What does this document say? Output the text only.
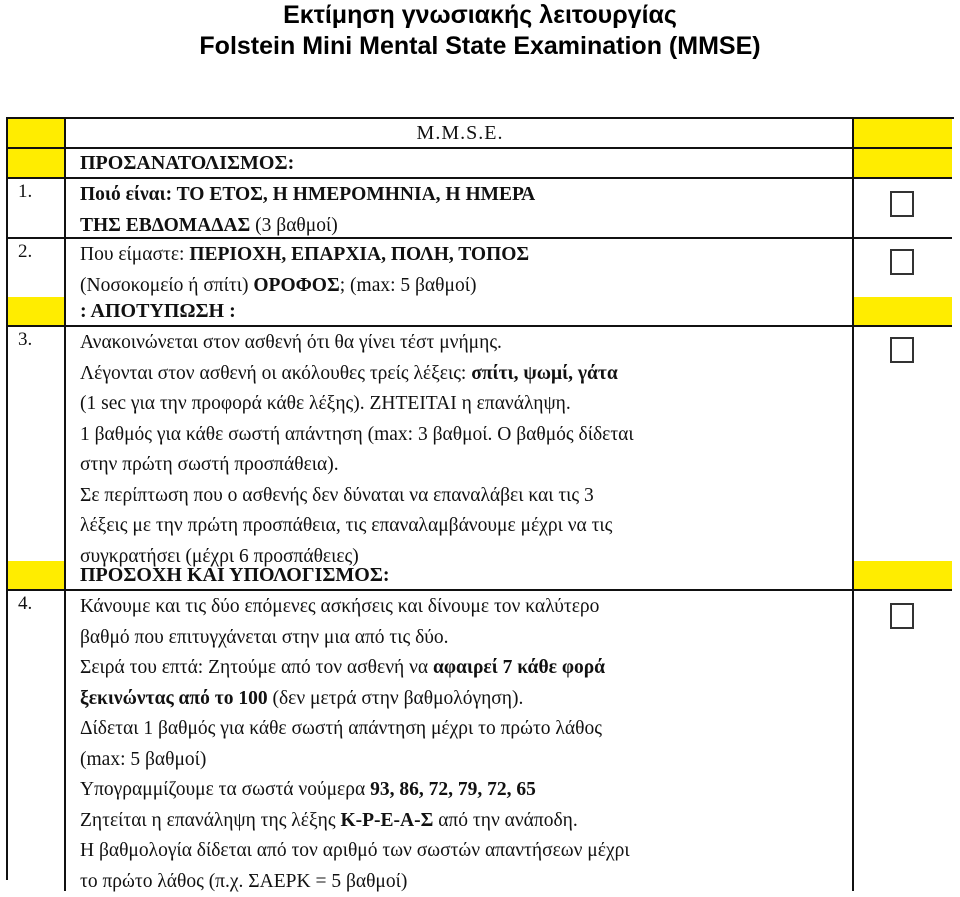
Εκτίμηση γνωσιακής λειτουργίας
Folstein Mini Mental State Examination (MMSE)
M.M.S.E.
ΠΡΟΣΑΝΑΤΟΛΙΣΜΟΣ:
1.	Ποιό είναι: ΤΟ ΕΤΟΣ, Η ΗΜΕΡΟΜΗΝΙΑ, Η ΗΜΕΡΑ
ΤΗΣ ΕΒΔΟΜΑΔΑΣ (3 βαθμοί)
2.	Που είμαστε: ΠΕΡΙΟΧΗ, ΕΠΑΡΧΙΑ, ΠΟΛΗ, ΤΟΠΟΣ
(Νοσοκομείο ή σπίτι) ΟΡΟΦΟΣ; (max: 5 βαθμοί)
: ΑΠΟΤΥΠΩΣΗ :
3.	Ανακοινώνεται στον ασθενή ότι θα γίνει τέστ μνήμης.
Λέγονται στον ασθενή οι ακόλουθες τρείς λέξεις: σπίτι, ψωμί, γάτα
(1 sec για την προφορά κάθε λέξης). ΖΗΤΕΙΤΑΙ η επανάληψη.
1 βαθμός για κάθε σωστή απάντηση (max: 3 βαθμοί. Ο βαθμός δίδεται
στην πρώτη σωστή προσπάθεια).
Σε περίπτωση που ο ασθενής δεν δύναται να επαναλάβει και τις 3
λέξεις με την πρώτη προσπάθεια, τις επαναλαμβάνουμε μέχρι να τις
συγκρατήσει (μέχρι 6 προσπάθειες)
ΠΡΟΣΟΧΗ ΚΑΙ ΥΠΟΛΟΓΙΣΜΟΣ:
4.	Κάνουμε και τις δύο επόμενες ασκήσεις και δίνουμε τον καλύτερο
βαθμό που επιτυγχάνεται στην μια από τις δύο.
Σειρά του επτά: Ζητούμε από τον ασθενή να αφαιρεί 7 κάθε φορά
ξεκινώντας από το 100 (δεν μετρά στην βαθμολόγηση).
Δίδεται 1 βαθμός για κάθε σωστή απάντηση μέχρι το πρώτο λάθος
(max: 5 βαθμοί)
Υπογραμμίζουμε τα σωστά νούμερα 93, 86, 72, 79, 72, 65
Ζητείται η επανάληψη της λέξης Κ-Ρ-Ε-Α-Σ από την ανάποδη.
Η βαθμολογία δίδεται από τον αριθμό των σωστών απαντήσεων μέχρι
το πρώτο λάθος (π.χ. ΣΑΕΡΚ = 5 βαθμοί)
